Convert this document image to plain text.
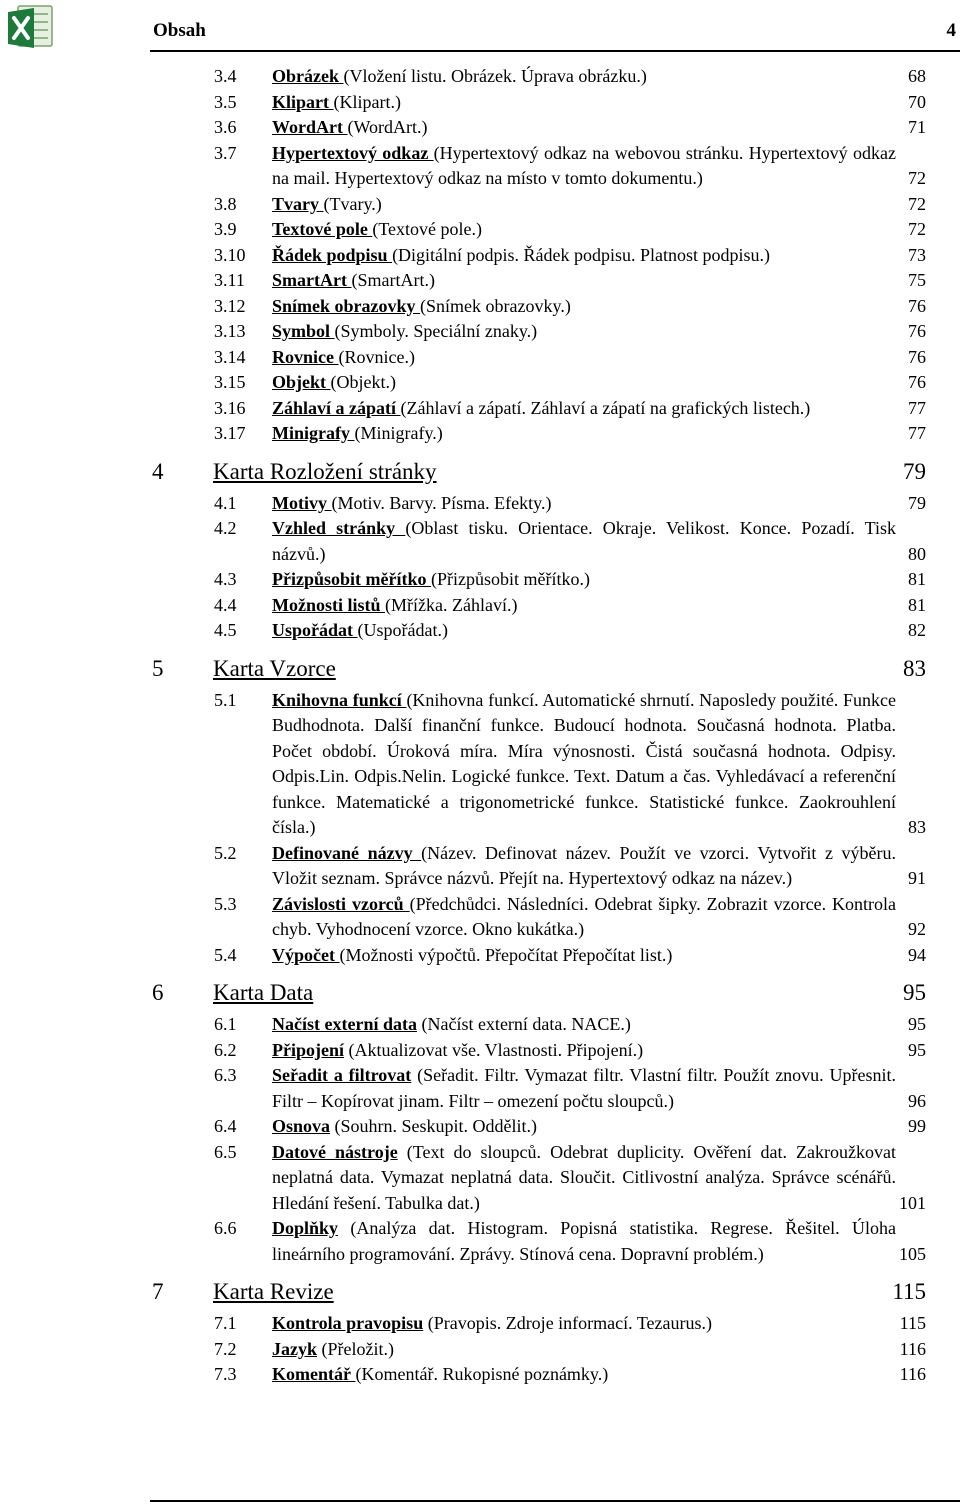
Obsah	4
3.4 Obrázek (Vložení listu. Obrázek. Úprava obrázku.)	68
3.5 Klipart (Klipart.)	70
3.6 WordArt (WordArt.)	71
3.7 Hypertextový odkaz (Hypertextový odkaz na webovou stránku. Hypertextový odkaz na mail. Hypertextový odkaz na místo v tomto dokumentu.)	72
3.8 Tvary (Tvary.)	72
3.9 Textové pole (Textové pole.)	72
3.10 Řádek podpisu (Digitální podpis. Řádek podpisu. Platnost podpisu.)	73
3.11 SmartArt (SmartArt.)	75
3.12 Snímek obrazovky (Snímek obrazovky.)	76
3.13 Symbol (Symboly. Speciální znaky.)	76
3.14 Rovnice (Rovnice.)	76
3.15 Objekt (Objekt.)	76
3.16 Záhlaví a zápatí (Záhlaví a zápatí. Záhlaví a zápatí na grafických listech.)	77
3.17 Minigrafy (Minigrafy.)	77
4 Karta Rozložení stránky	79
4.1 Motivy (Motiv. Barvy. Písma. Efekty.)	79
4.2 Vzhled stránky (Oblast tisku. Orientace. Okraje. Velikost. Konce. Pozadí. Tisk názvů.)	80
4.3 Přizpůsobit měřítko (Přizpůsobit měřítko.)	81
4.4 Možnosti listů (Mřížka. Záhlaví.)	81
4.5 Uspořádat (Uspořádat.)	82
5 Karta Vzorce	83
5.1 Knihovna funkcí (Knihovna funkcí. Automatické shrnutí. Naposledy použité. Funkce Budhodnota. Další finanční funkce. Budoucí hodnota. Současná hodnota. Platba. Počet období. Úroková míra. Míra výnosnosti. Čistá současná hodnota. Odpisy. Odpis.Lin. Odpis.Nelin. Logické funkce. Text. Datum a čas. Vyhledávací a referenční funkce. Matematické a trigonometrické funkce. Statistické funkce. Zaokrouhlení čísla.)	83
5.2 Definované názvy (Název. Definovat název. Použít ve vzorci. Vytvořit z výběru. Vložit seznam. Správce názvů. Přejít na. Hypertextový odkaz na název.)	91
5.3 Závislosti vzorců (Předchůdci. Následníci. Odebrat šipky. Zobrazit vzorce. Kontrola chyb. Vyhodnocení vzorce. Okno kukátka.)	92
5.4 Výpočet (Možnosti výpočtů. Přepočítat Přepočítat list.)	94
6 Karta Data	95
6.1 Načíst externí data (Načíst externí data. NACE.)	95
6.2 Připojení (Aktualizovat vše. Vlastnosti. Připojení.)	95
6.3 Seřadit a filtrovat (Seřadit. Filtr. Vymazat filtr. Vlastní filtr. Použít znovu. Upřesnit. Filtr – Kopírovat jinam. Filtr – omezení počtu sloupců.)	96
6.4 Osnova (Souhrn. Seskupit. Oddělit.)	99
6.5 Datové nástroje (Text do sloupců. Odebrat duplicity. Ověření dat. Zakroužkovat neplatná data. Vymazat neplatná data. Sloučit. Citlivostní analýza. Správce scénářů. Hledání řešení. Tabulka dat.)	101
6.6 Doplňky (Analýza dat. Histogram. Popisná statistika. Regrese. Řešitel. Úloha lineárního programování. Zprávy. Stínová cena. Dopravní problém.)	105
7 Karta Revize	115
7.1 Kontrola pravopisu (Pravopis. Zdroje informací. Tezaurus.)	115
7.2 Jazyk (Přeložit.)	116
7.3 Komentář (Komentář. Rukopisné poznámky.)	116
